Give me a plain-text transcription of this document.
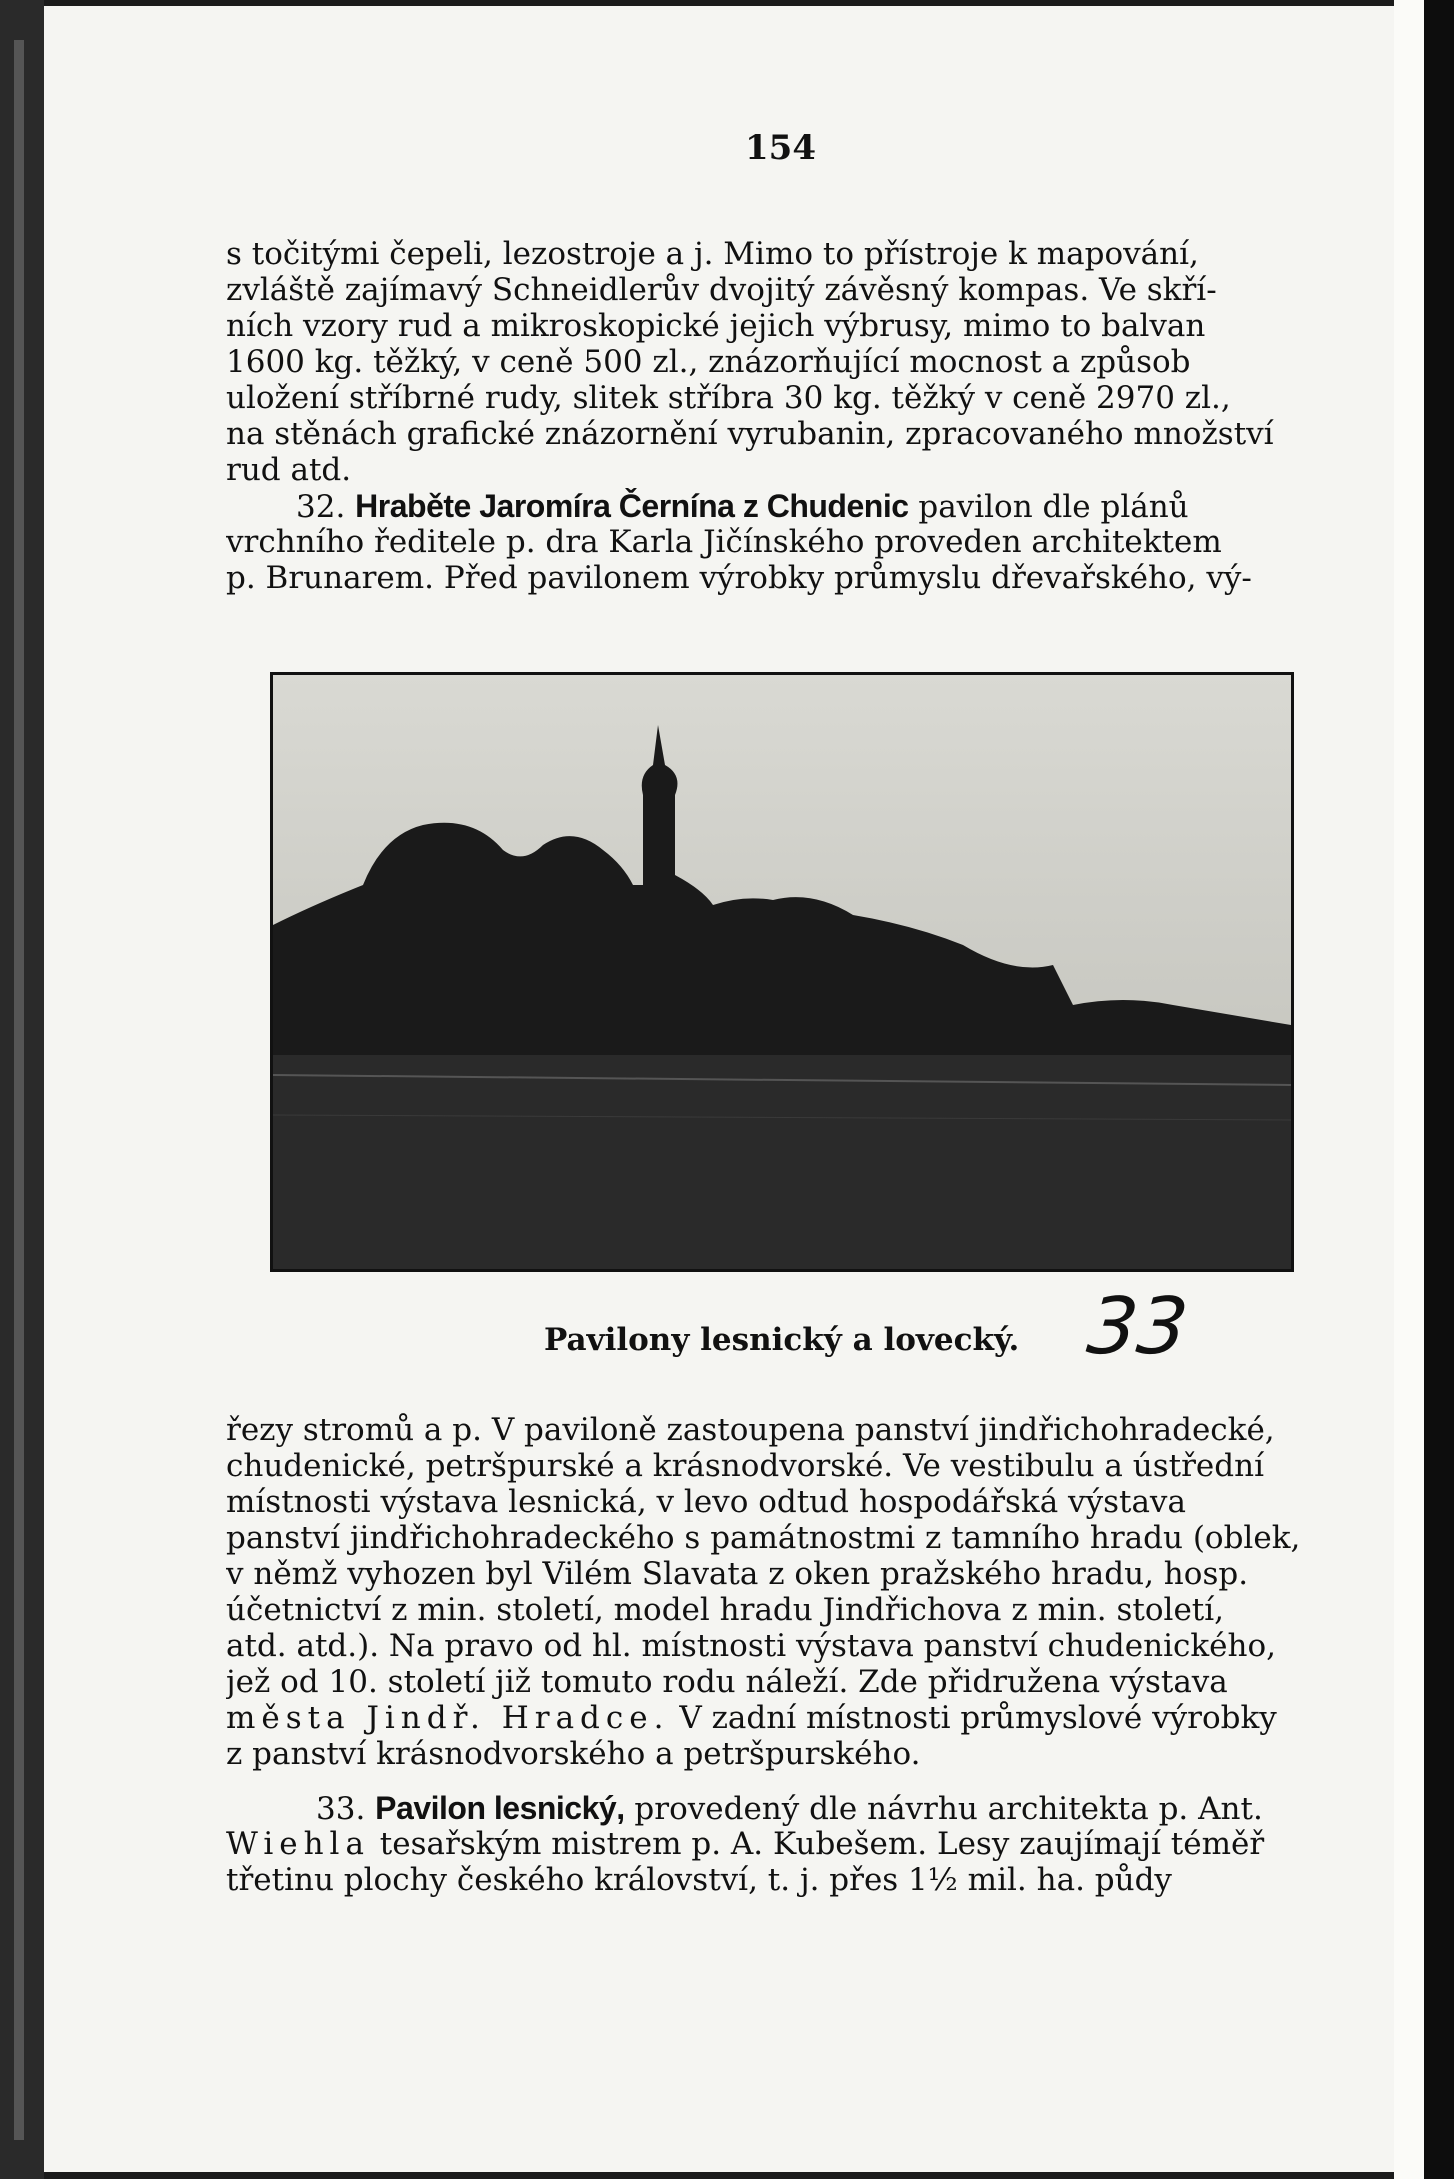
154
s točitými čepeli, lezostroje a j. Mimo to přístroje k mapování,
zvláště zajímavý Schneidlerův dvojitý závěsný kompas. Ve skří-
ních vzory rud a mikroskopické jejich výbrusy, mimo to balvan
1600 kg. těžký, v ceně 500 zl., znázorňující mocnost a způsob
uložení stříbrné rudy, slitek stříbra 30 kg. těžký v ceně 2970 zl.,
na stěnách grafické znázornění vyrubanin, zpracovaného množství
rud atd.
32. Hraběte Jaromíra Černína z Chudenic pavilon dle plánů
vrchního ředitele p. dra Karla Jičínského proveden architektem
p. Brunarem. Před pavilonem výrobky průmyslu dřevařského, vý-
Pavilony lesnický a lovecký. 33
řezy stromů a p. V paviloně zastoupena panství jindřichohradecké,
chudenické, petršpurské a krásnodvorské. Ve vestibulu a ústřední
místnosti výstava lesnická, v levo odtud hospodářská výstava
panství jindřichohradeckého s památnostmi z tamního hradu (oblek,
v němž vyhozen byl Vilém Slavata z oken pražského hradu, hosp.
účetnictví z min. století, model hradu Jindřichova z min. století,
atd. atd.). Na pravo od hl. místnosti výstava panství chudenického,
jež od 10. století již tomuto rodu náleží. Zde přidružena výstava
města Jindř. Hradce. V zadní místnosti průmyslové výrobky
z panství krásnodvorského a petršpurského.
33. Pavilon lesnický, provedený dle návrhu architekta p. Ant.
Wiehla tesařským mistrem p. A. Kubešem. Lesy zaujímají téměř
třetinu plochy českého království, t. j. přes 1½ mil. ha. půdy
